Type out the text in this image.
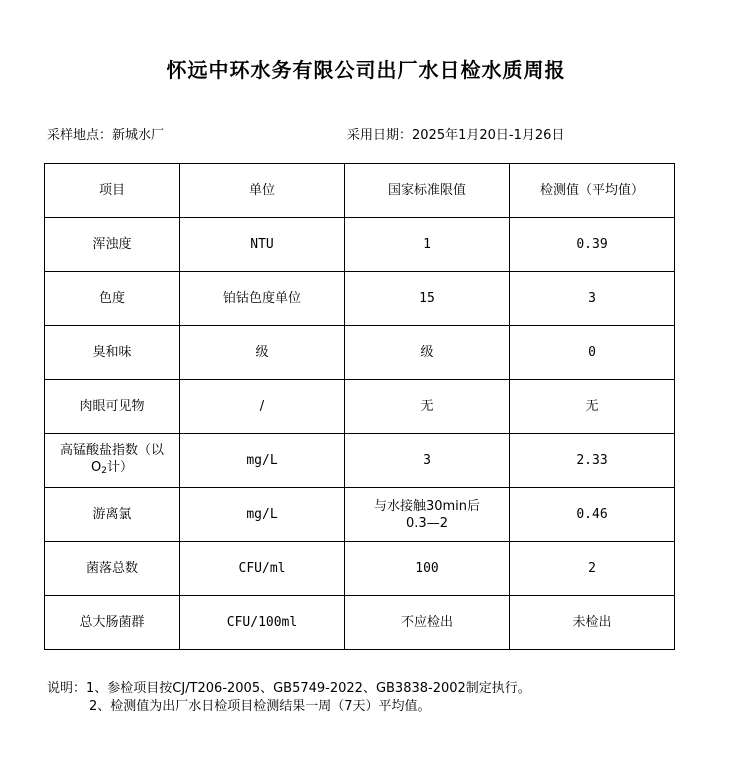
怀远中环水务有限公司出厂水日检水质周报
采样地点：新城水厂	采用日期：2025年1月20日-1月26日
项目	单位	国家标准限值	检测值（平均值）
浑浊度	NTU	1	0.39
色度	铂钴色度单位	15	3
臭和味	级	级	0
肉眼可见物	/	无	无
高锰酸盐指数（以
$O_2$计）	mg/L	3	2.33
游离氯	mg/L	与水接触30min后
0.3—2	0.46
菌落总数	CFU/ml	100	2
总大肠菌群	CFU/100ml	不应检出	未检出
说明：1、参检项目按CJ/T206-2005、GB5749-2022、GB3838-2002制定执行。
2、检测值为出厂水日检项目检测结果一周（7天）平均值。
